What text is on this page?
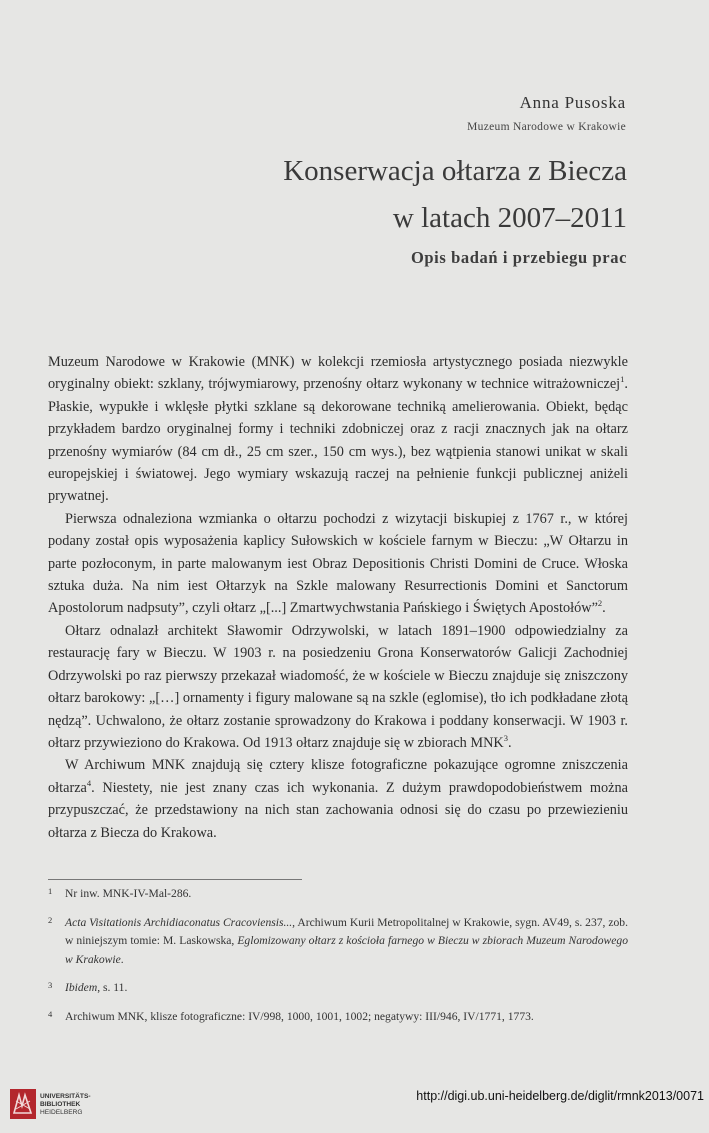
Anna Pusoska
Muzeum Narodowe w Krakowie
Konserwacja ołtarza z Biecza
w latach 2007–2011
Opis badań i przebiegu prac

Muzeum Narodowe w Krakowie (MNK) w kolekcji rzemiosła artystycznego posiada niezwykle oryginalny obiekt: szklany, trójwymiarowy, przenośny ołtarz wykonany w technice witrażowniczej$^1$. Płaskie, wypukłe i wklęsłe płytki szklane są dekorowane techniką amelierowania. Obiekt, będąc przykładem bardzo oryginalnej formy i techniki zdobniczej oraz z racji znacznych jak na ołtarz przenośny wymiarów (84 cm dł., 25 cm szer., 150 cm wys.), bez wątpienia stanowi unikat w skali europejskiej i światowej. Jego wymiary wskazują raczej na pełnienie funkcji publicznej aniżeli prywatnej.

Pierwsza odnaleziona wzmianka o ołtarzu pochodzi z wizytacji biskupiej z 1767 r., w której podany został opis wyposażenia kaplicy Sułowskich w kościele farnym w Bieczu: „W Ołtarzu in parte pozłoconym, in parte malowanym iest Obraz Depositionis Christi Domini de Cruce. Włoska sztuka duża. Na nim iest Ołtarzyk na Szkle malowany Resurrectionis Domini et Sanctorum Apostolorum nadpsuty”, czyli ołtarz „[...] Zmartwychwstania Pańskiego i Świętych Apostołów”$^2$.

Ołtarz odnalazł architekt Sławomir Odrzywolski, w latach 1891–1900 odpowiedzialny za restaurację fary w Bieczu. W 1903 r. na posiedzeniu Grona Konserwatorów Galicji Zachodniej Odrzywolski po raz pierwszy przekazał wiadomość, że w kościele w Bieczu znajduje się zniszczony ołtarz barokowy: „[…] ornamenty i figury malowane są na szkle (eglomise), tło ich podkładane złotą nędzą”. Uchwalono, że ołtarz zostanie sprowadzony do Krakowa i poddany konserwacji. W 1903 r. ołtarz przywieziono do Krakowa. Od 1913 ołtarz znajduje się w zbiorach MNK$^3$.

W Archiwum MNK znajdują się cztery klisze fotograficzne pokazujące ogromne zniszczenia ołtarza$^4$. Niestety, nie jest znany czas ich wykonania. Z dużym prawdopodobieństwem można przypuszczać, że przedstawiony na nich stan zachowania odnosi się do czasu po przewiezieniu ołtarza z Biecza do Krakowa.

1 Nr inw. MNK-IV-Mal-286.
2 Acta Visitationis Archidiaconatus Cracoviensis..., Archiwum Kurii Metropolitalnej w Krakowie, sygn. AV49, s. 237, zob. w niniejszym tomie: M. Laskowska, Eglomizowany ołtarz z kościoła farnego w Bieczu w zbiorach Muzeum Narodowego w Krakowie.
3 Ibidem, s. 11.
4 Archiwum MNK, klisze fotograficzne: IV/998, 1000, 1001, 1002; negatywy: III/946, IV/1771, 1773.
UNIVERSITÄTS-
BIBLIOTHEK
HEIDELBERG
http://digi.ub.uni-heidelberg.de/diglit/rmnk2013/0071
